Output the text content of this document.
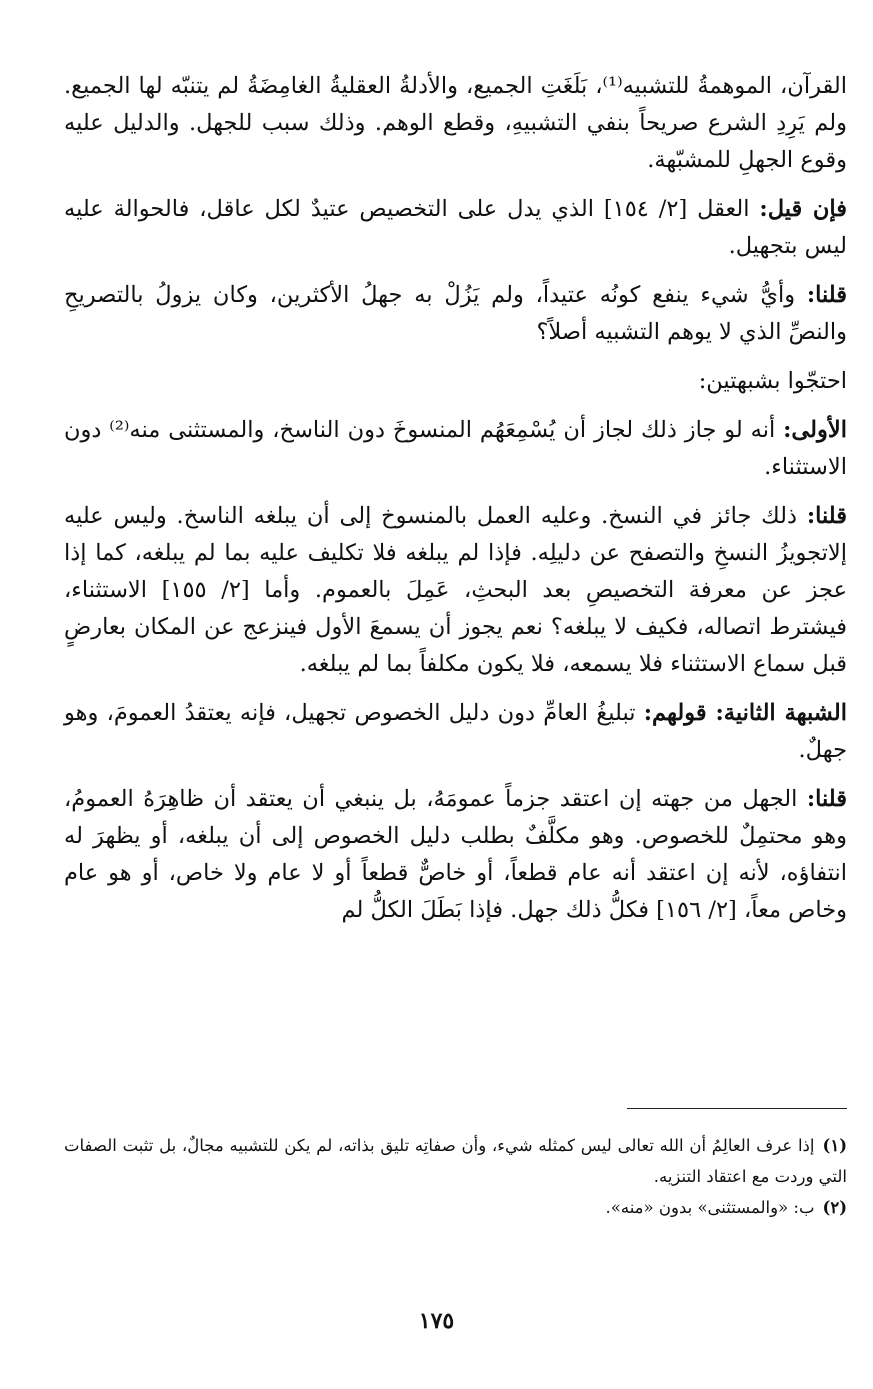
القرآن، الموهمةُ للتشبيه⁽¹⁾، بَلَغَتِ الجميع، والأدلةُ العقليةُ الغامِضَةُ لم يتنبّه لها الجميع. ولم يَرِدِ الشرع صريحاً بنفي التشبيهِ، وقطع الوهم. وذلك سبب للجهل. والدليل عليه وقوع الجهلِ للمشبّهة.

فإن قيل: العقل [٢/ ١٥٤] الذي يدل على التخصيص عتيدٌ لكل عاقل، فالحوالة عليه ليس بتجهيل.

قلنا: وأيُّ شيء ينفع كونُه عتيداً، ولم يَزُلْ به جهلُ الأكثرين، وكان يزولُ بالتصريحِ والنصِّ الذي لا يوهم التشبيه أصلاً؟

احتجّوا بشبهتين:

الأولى: أنه لو جاز ذلك لجاز أن يُسْمِعَهُم المنسوخَ دون الناسخ، والمستثنى منه⁽²⁾ دون الاستثناء.

قلنا: ذلك جائز في النسخ. وعليه العمل بالمنسوخ إلى أن يبلغه الناسخ. وليس عليه إلاتجويزُ النسخِ والتصفح عن دليلِه. فإذا لم يبلغه فلا تكليف عليه بما لم يبلغه، كما إذا عجز عن معرفة التخصيصِ بعد البحثِ، عَمِلَ بالعموم. وأما [٢/ ١٥٥] الاستثناء، فيشترط اتصاله، فكيف لا يبلغه؟ نعم يجوز أن يسمعَ الأول فينزعج عن المكان بعارضٍ قبل سماع الاستثناء فلا يسمعه، فلا يكون مكلفاً بما لم يبلغه.

الشبهة الثانية: قولهم: تبليغُ العامِّ دون دليل الخصوص تجهيل، فإنه يعتقدُ العمومَ، وهو جهلٌ.

قلنا: الجهل من جهته إن اعتقد جزماً عمومَهُ، بل ينبغي أن يعتقد أن ظاهِرَهُ العمومُ، وهو محتمِلٌ للخصوص. وهو مكلَّفٌ بطلب دليل الخصوص إلى أن يبلغه، أو يظهرَ له انتفاؤه، لأنه إن اعتقد أنه عام قطعاً، أو خاصٌّ قطعاً أو لا عام ولا خاص، أو هو عام وخاص معاً، [٢/ ١٥٦] فكلُّ ذلك جهل. فإذا بَطَلَ الكلُّ لم

(١)إذا عرف العالِمُ أن الله تعالى ليس كمثله شيء، وأن صفاتِه تليق بذاته، لم يكن للتشبيه مجالٌ، بل تثبت الصفات التي وردت مع اعتقاد التنزيه.

(٢)ب: «والمستثنى» بدون «منه».

١٧٥
